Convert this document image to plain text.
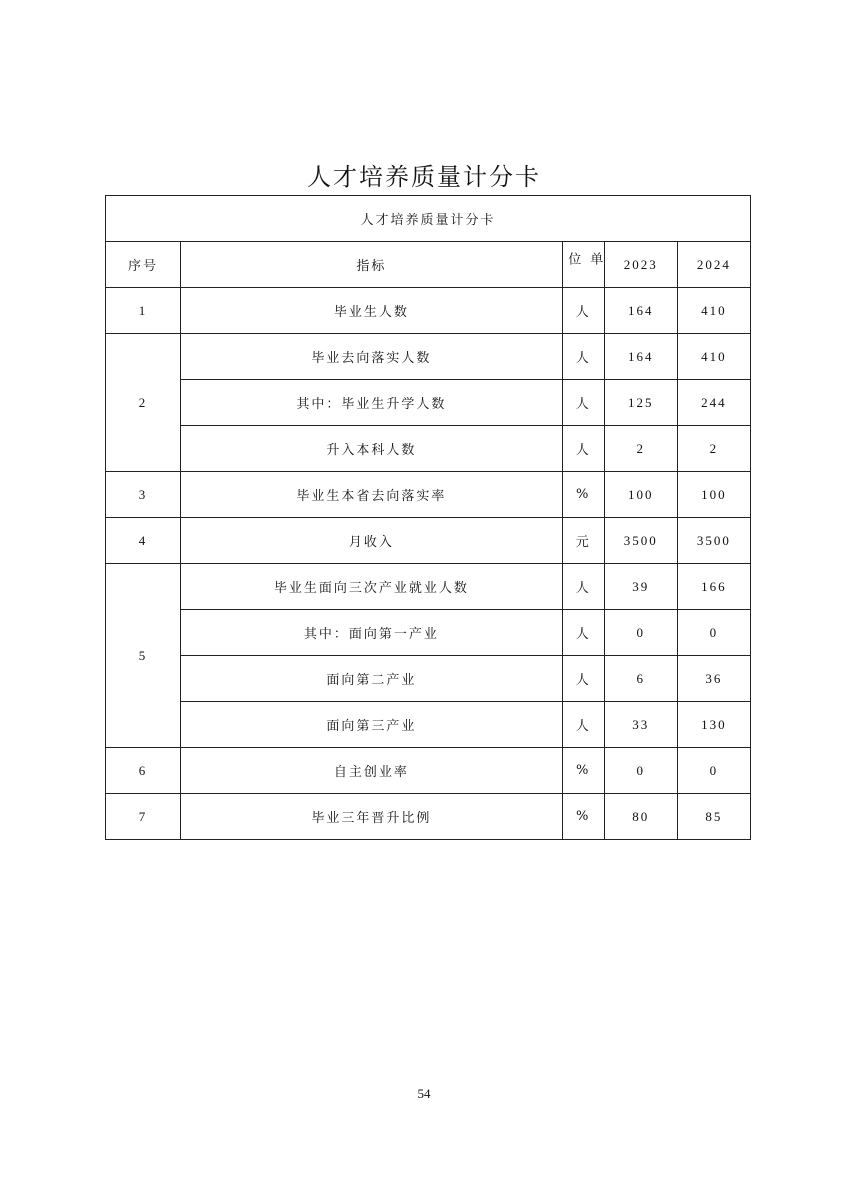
人才培养质量计分卡
人才培养质量计分卡				
序号	指标	单位	2023	2024
1	毕业生人数	人	164	410
2	毕业去向落实人数	人	164	410
	其中：毕业生升学人数	人	125	244
	升入本科人数	人	2	2
3	毕业生本省去向落实率	%	100	100
4	月收入	元	3500	3500
5	毕业生面向三次产业就业人数	人	39	166
	其中：面向第一产业	人	0	0
	面向第二产业	人	6	36
	面向第三产业	人	33	130
6	自主创业率	%	0	0
7	毕业三年晋升比例	%	80	85
54
